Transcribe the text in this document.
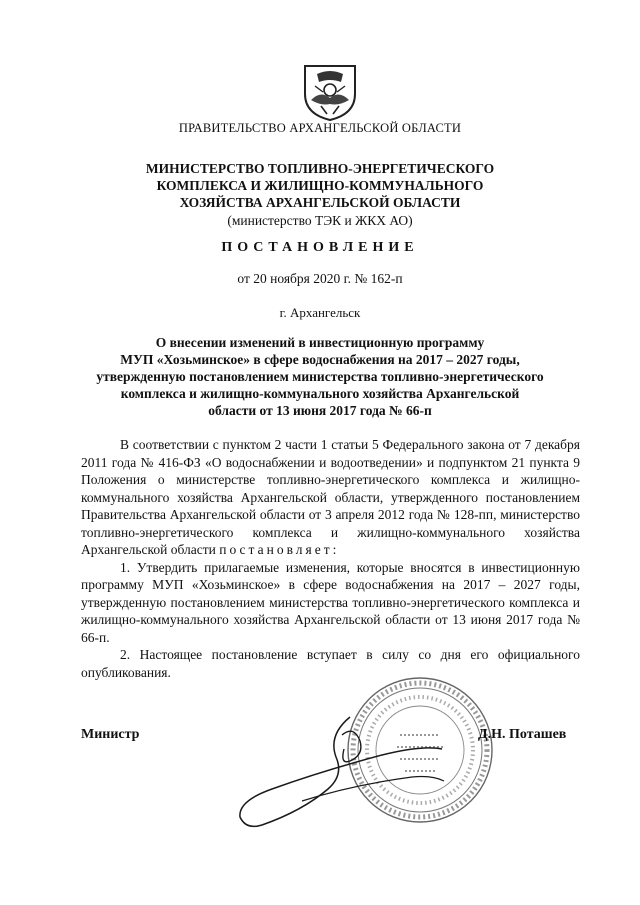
ПРАВИТЕЛЬСТВО АРХАНГЕЛЬСКОЙ ОБЛАСТИ
МИНИСТЕРСТВО ТОПЛИВНО-ЭНЕРГЕТИЧЕСКОГО
КОМПЛЕКСА И ЖИЛИЩНО-КОММУНАЛЬНОГО
ХОЗЯЙСТВА АРХАНГЕЛЬСКОЙ ОБЛАСТИ
(министерство ТЭК и ЖКХ АО)
ПОСТАНОВЛЕНИЕ
от 20 ноября 2020 г. № 162-п
г. Архангельск
О внесении изменений в инвестиционную программу
МУП «Хозьминское» в сфере водоснабжения на 2017 – 2027 годы,
утвержденную постановлением министерства топливно-энергетического
комплекса и жилищно-коммунального хозяйства Архангельской
области от 13 июня 2017 года № 66-п

В соответствии с пунктом 2 части 1 статьи 5 Федерального закона от 7 декабря 2011 года № 416-ФЗ «О водоснабжении и водоотведении» и подпунктом 21 пункта 9 Положения о министерстве топливно-энергетического комплекса и жилищно-коммунального хозяйства Архангельской области, утвержденного постановлением Правительства Архангельской области от 3 апреля 2012 года № 128-пп, министерство топливно-энергетического комплекса и жилищно-коммунального хозяйства Архангельской области постановляет:

1. Утвердить прилагаемые изменения, которые вносятся в инвестиционную программу МУП «Хозьминское» в сфере водоснабжения на 2017 – 2027 годы, утвержденную постановлением министерства топливно-энергетического комплекса и жилищно-коммунального хозяйства Архангельской области от 13 июня 2017 года № 66-п.

2. Настоящее постановление вступает в силу со дня его официального опубликования.

Министр	Д.Н. Поташев
